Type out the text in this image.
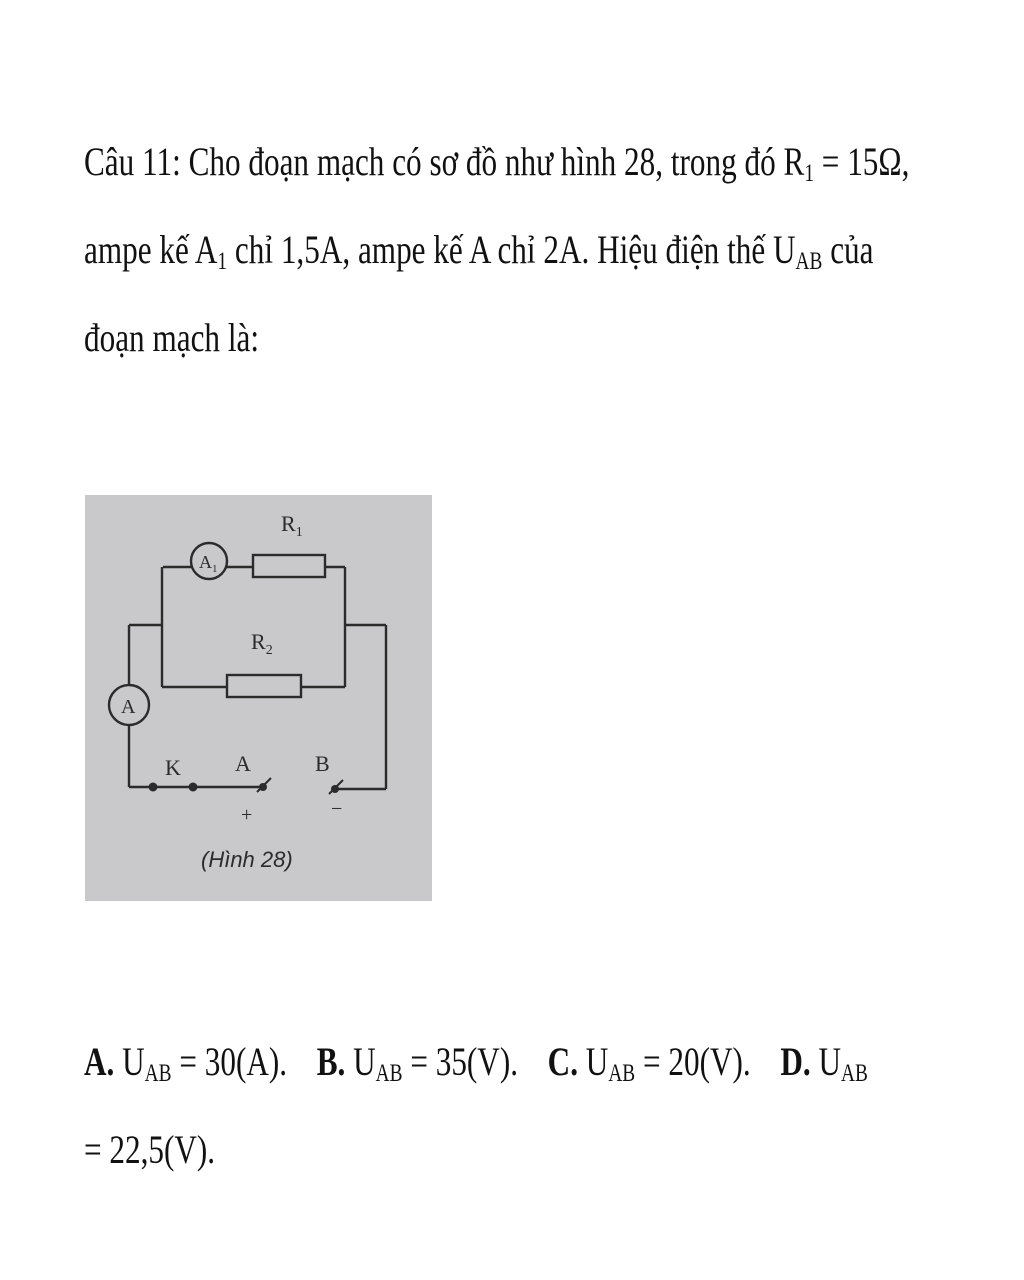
Câu 11: Cho đoạn mạch có sơ đồ như hình 28, trong đó $R_1 = 15\Omega$,
ampe kế $A_1$ chỉ 1,5A, ampe kế A chỉ 2A. Hiệu điện thế $U_{AB}$ của
đoạn mạch là:
$R_1$
$R_2$
$A_1$
A
K A	B
+	−
(Hình 28)
A. $U_{AB} = 30(A)$. B. $U_{AB} = 35(V)$. C. $U_{AB} = 20(V)$. D. $U_{AB}$
= 22,5(V).
